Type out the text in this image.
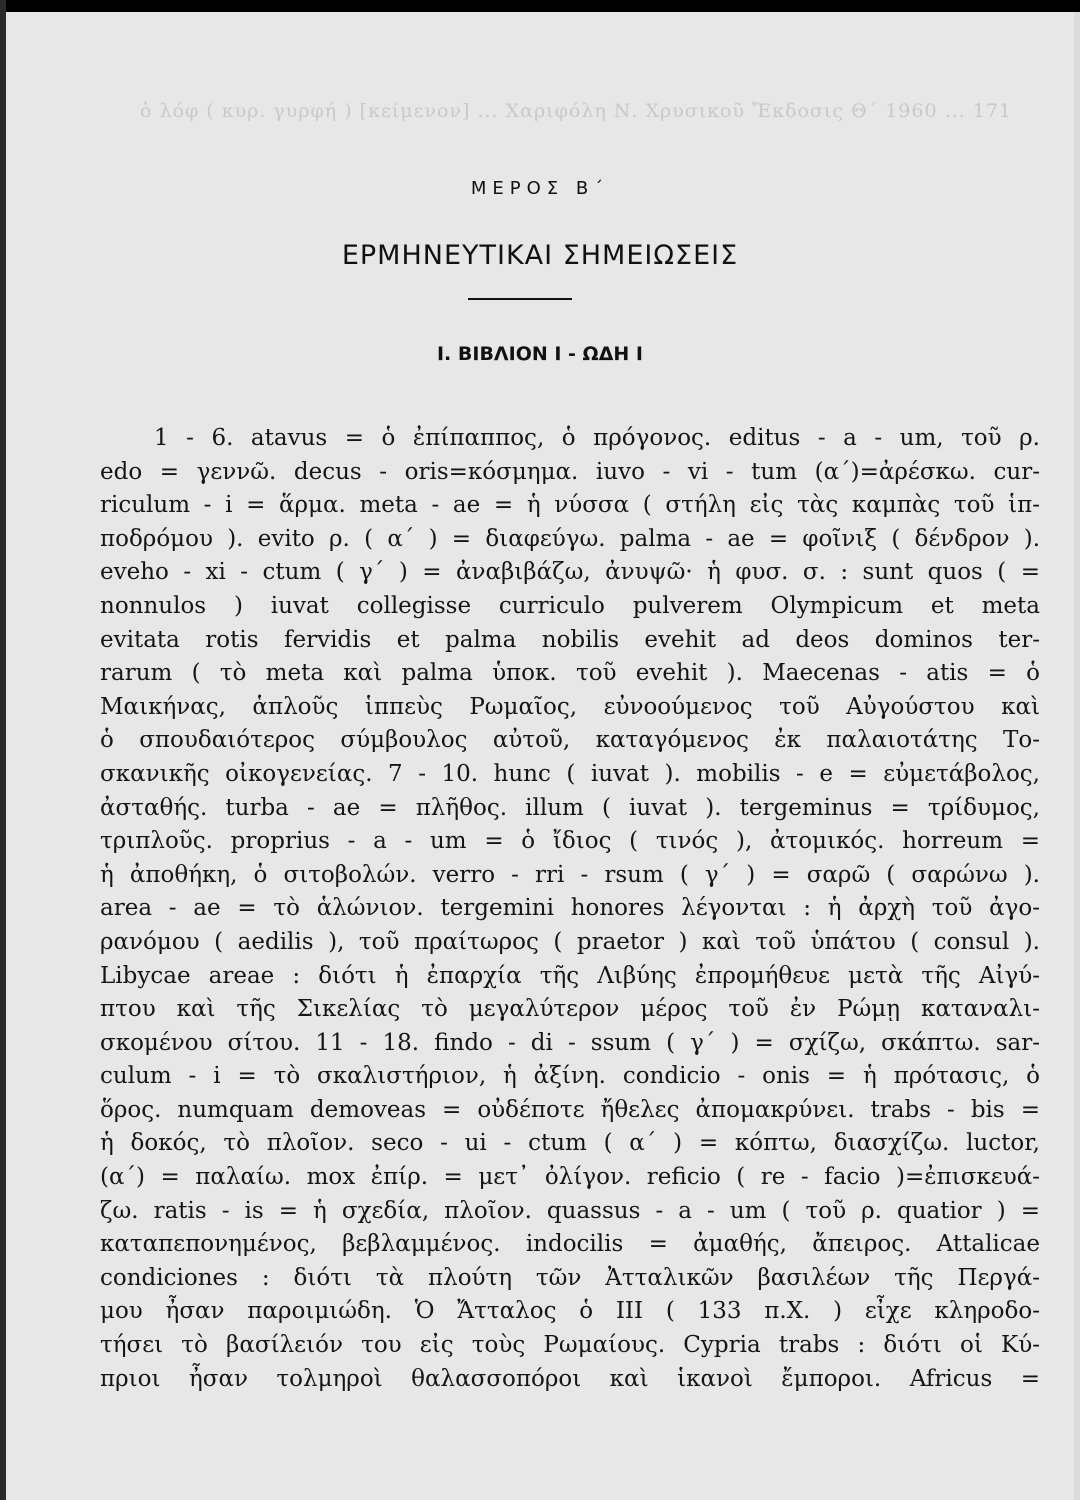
ὁ λόφ ( κυρ. γυρφή ) [κείμενον] ... Χαριφόλη Ν. Χρυσικοῦ Ἔκδοσις Θ΄ 1960 ... 171
ΜΕΡΟΣ Β΄
ΕΡΜΗΝΕΥΤΙΚΑΙ ΣΗΜΕΙΩΣΕΙΣ
Ι. ΒΙΒΛΙΟΝ Ι - ΩΔΗ Ι
1 - 6. atavus = ὁ ἐπίπαππος, ὁ πρόγονος. editus - a - um, τοῦ ρ.
edo = γεννῶ. decus - oris=κόσμημα. iuvo - vi - tum (α΄)=ἀρέσκω. cur-
riculum - i = ἅρμα. meta - ae = ἡ νύσσα ( στήλη εἰς τὰς καμπὰς τοῦ ἱπ-
ποδρόμου ). evito ρ. ( α΄ ) = διαφεύγω. palma - ae = φοῖνιξ ( δένδρον ).
eveho - xi - ctum ( γ΄ ) = ἀναβιβάζω, ἀνυψῶ· ἡ φυσ. σ. : sunt quos ( =
nonnulos ) iuvat collegisse curriculo pulverem Olympicum et meta
evitata rotis fervidis et palma nobilis evehit ad deos dominos ter-
rarum ( τὸ meta καὶ palma ὑποκ. τοῦ evehit ). Maecenas - atis = ὁ
Μαικήνας, ἁπλοῦς ἱππεὺς Ρωμαῖος, εὐνοούμενος τοῦ Αὐγούστου καὶ
ὁ σπουδαιότερος σύμβουλος αὐτοῦ, καταγόμενος ἐκ παλαιοτάτης Το-
σκανικῆς οἰκογενείας. 7 - 10. hunc ( iuvat ). mobilis - e = εὐμετάβολος,
ἀσταθής. turba - ae = πλῆθος. illum ( iuvat ). tergeminus = τρίδυμος,
τριπλοῦς. proprius - a - um = ὁ ἴδιος ( τινός ), ἀτομικός. horreum =
ἡ ἀποθήκη, ὁ σιτοβολών. verro - rri - rsum ( γ΄ ) = σαρῶ ( σαρώνω ).
area - ae = τὸ ἁλώνιον. tergemini honores λέγονται : ἡ ἀρχὴ τοῦ ἀγο-
ρανόμου ( aedilis ), τοῦ πραίτωρος ( praetor ) καὶ τοῦ ὑπάτου ( consul ).
Libycae areae : διότι ἡ ἐπαρχία τῆς Λιβύης ἐπρομήθευε μετὰ τῆς Αἰγύ-
πτου καὶ τῆς Σικελίας τὸ μεγαλύτερον μέρος τοῦ ἐν Ρώμῃ καταναλι-
σκομένου σίτου. 11 - 18. findo - di - ssum ( γ΄ ) = σχίζω, σκάπτω. sar-
culum - i = τὸ σκαλιστήριον, ἡ ἀξίνη. condicio - onis = ἡ πρότασις, ὁ
ὅρος. numquam demoveas = οὐδέποτε ἤθελες ἀπομακρύνει. trabs - bis =
ἡ δοκός, τὸ πλοῖον. seco - ui - ctum ( α΄ ) = κόπτω, διασχίζω. luctor,
(α΄) = παλαίω. mox ἐπίρ. = μετ᾽ ὀλίγον. reficio ( re - facio )=ἐπισκευά-
ζω. ratis - is = ἡ σχεδία, πλοῖον. quassus - a - um ( τοῦ ρ. quatior ) =
καταπεπονημένος, βεβλαμμένος. indocilis = ἀμαθής, ἄπειρος. Attalicae
condiciones : διότι τὰ πλούτη τῶν Ἀτταλικῶν βασιλέων τῆς Περγά-
μου ἦσαν παροιμιώδη. Ὁ Ἄτταλος ὁ ΙΙΙ ( 133 π.Χ. ) εἶχε κληροδο-
τήσει τὸ βασίλειόν του εἰς τοὺς Ρωμαίους. Cypria trabs : διότι οἱ Κύ-
πριοι ἦσαν τολμηροὶ θαλασσοπόροι καὶ ἱκανοὶ ἔμποροι. Africus =
